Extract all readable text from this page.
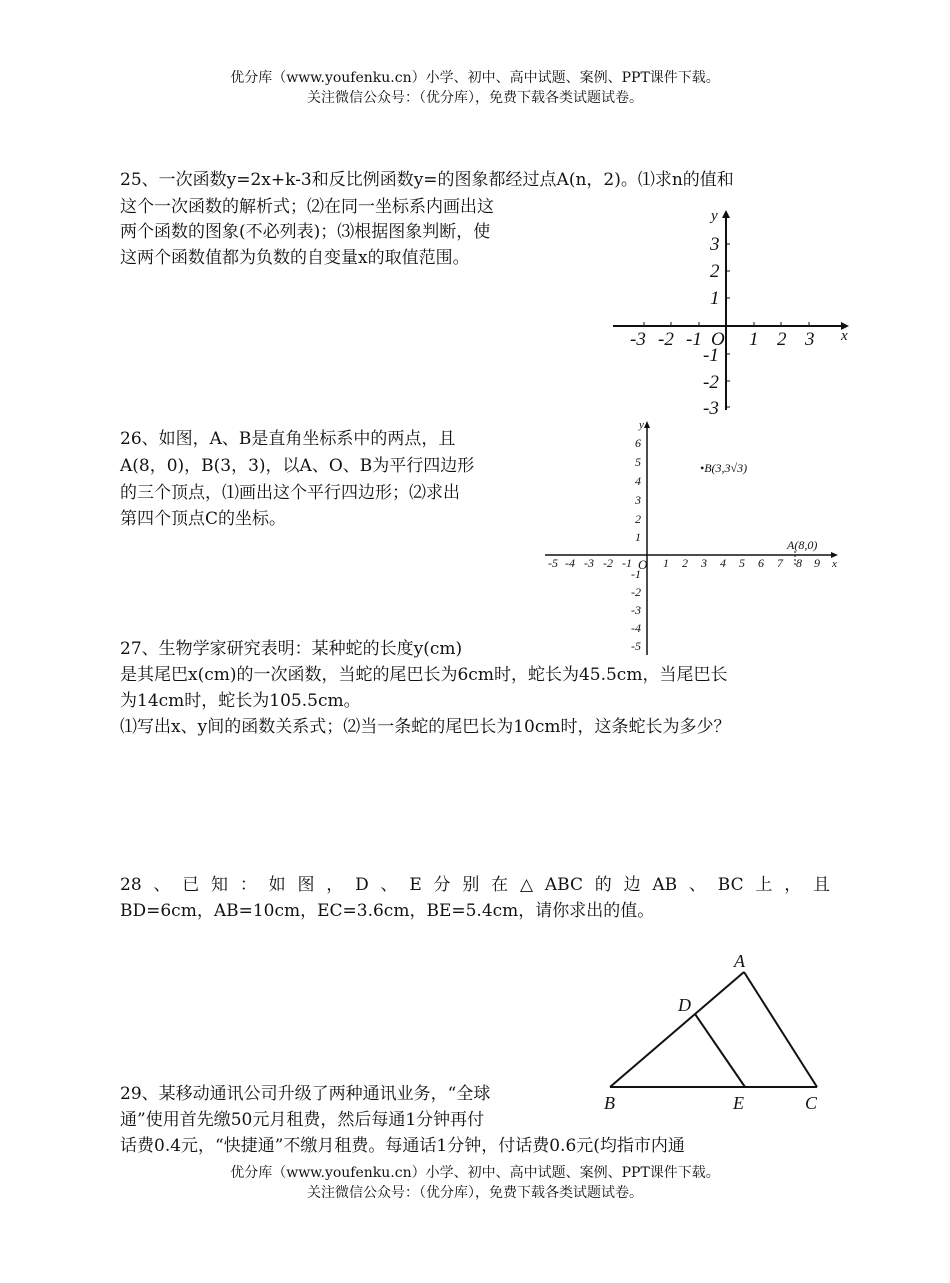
优分库（www.youfenku.cn）小学、初中、高中试题、案例、PPT课件下载。
关注微信公众号：（优分库），免费下载各类试题试卷。
25、一次函数y=2x+k-3和反比例函数y=的图象都经过点A(n，2)。⑴求n的值和
这个一次函数的解析式；⑵在同一坐标系内画出这
两个函数的图象(不必列表)；⑶根据图象判断，使
这两个函数值都为负数的自变量x的取值范围。
x
y
O
-3 -2 -1 1 2 3
3
2
1
-1
-2
-3
26、如图，A、B是直角坐标系中的两点，且
A(8，0)，B(3，3)，以A、O、B为平行四边形
的三个顶点，⑴画出这个平行四边形；⑵求出
第四个顶点C的坐标。
x
y
O
•B(3,3√3)
A(8,0)
-5 -4 -3 -2 -1	1 2 3 4 5 6 7 8 9
6
5
4
3
2
1
-1
-2
-3
-4
-5
27、生物学家研究表明：某种蛇的长度y(cm)
是其尾巴x(cm)的一次函数，当蛇的尾巴长为6cm时，蛇长为45.5cm，当尾巴长
为14cm时，蛇长为105.5cm。
⑴写出x、y间的函数关系式；⑵当一条蛇的尾巴长为10cm时，这条蛇长为多少？
28、已知：如图，D、E分别在△ABC的边AB、BC上，且
BD=6cm，AB=10cm，EC=3.6cm，BE=5.4cm，请你求出的值。
A
B	C
D
E
29、某移动通讯公司升级了两种通讯业务，“全球
通”使用首先缴50元月租费，然后每通1分钟再付
话费0.4元，“快捷通”不缴月租费。每通话1分钟，付话费0.6元(均指市内通
优分库（www.youfenku.cn）小学、初中、高中试题、案例、PPT课件下载。
关注微信公众号：（优分库），免费下载各类试题试卷。
